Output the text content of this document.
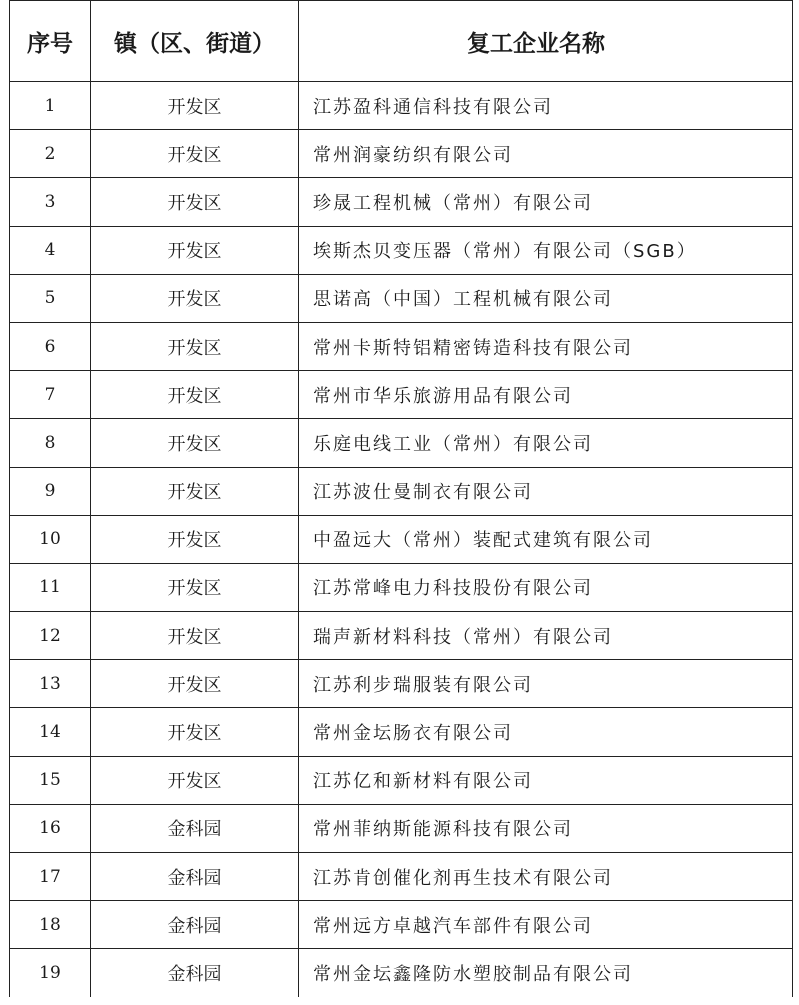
序号	镇（区、街道）	复工企业名称
1	开发区	江苏盈科通信科技有限公司
2	开发区	常州润豪纺织有限公司
3	开发区	珍晟工程机械（常州）有限公司
4	开发区	埃斯杰贝变压器（常州）有限公司（SGB）
5	开发区	思诺高（中国）工程机械有限公司
6	开发区	常州卡斯特铝精密铸造科技有限公司
7	开发区	常州市华乐旅游用品有限公司
8	开发区	乐庭电线工业（常州）有限公司
9	开发区	江苏波仕曼制衣有限公司
10	开发区	中盈远大（常州）装配式建筑有限公司
11	开发区	江苏常峰电力科技股份有限公司
12	开发区	瑞声新材料科技（常州）有限公司
13	开发区	江苏利步瑞服装有限公司
14	开发区	常州金坛肠衣有限公司
15	开发区	江苏亿和新材料有限公司
16	金科园	常州菲纳斯能源科技有限公司
17	金科园	江苏肯创催化剂再生技术有限公司
18	金科园	常州远方卓越汽车部件有限公司
19	金科园	常州金坛鑫隆防水塑胶制品有限公司
